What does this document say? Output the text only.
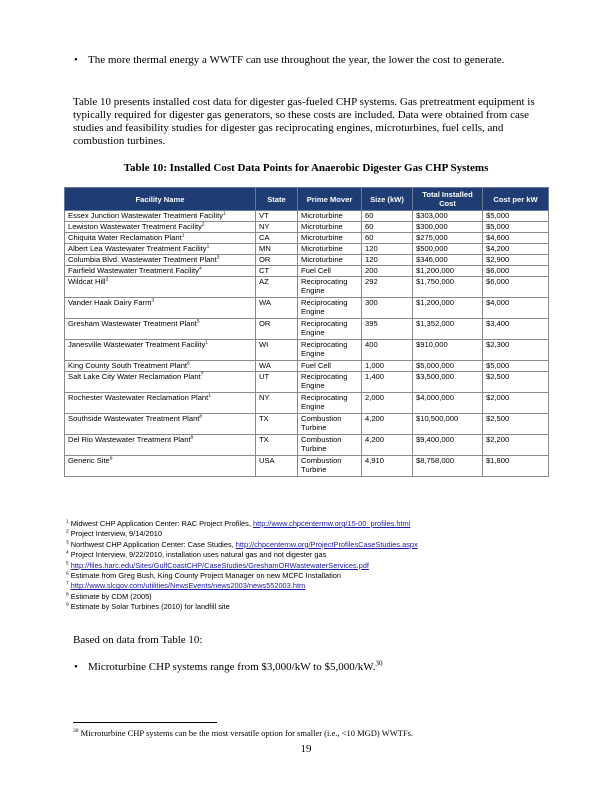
• The more thermal energy a WWTF can use throughout the year, the lower the cost to generate.
Table 10 presents installed cost data for digester gas-fueled CHP systems. Gas pretreatment equipment is typically required for digester gas generators, so these costs are included. Data were obtained from case studies and feasibility studies for digester gas reciprocating engines, microturbines, fuel cells, and combustion turbines.
Table 10: Installed Cost Data Points for Anaerobic Digester Gas CHP Systems
Facility Name	State	Prime Mover	Size (kW)	Total Installed Cost	Cost per kW
Essex Junction Wastewater Treatment Facility$^1$	VT	Microturbine	60	$303,000	$5,000
Lewiston Wastewater Treatment Facility$^2$	NY	Microturbine	60	$300,000	$5,000
Chiquita Water Reclamation Plant$^1$	CA	Microturbine	60	$275,000	$4,600
Albert Lea Wastewater Treatment Facility$^1$	MN	Microturbine	120	$500,000	$4,200
Columbia Blvd. Wastewater Treatment Plant$^3$	OR	Microturbine	120	$346,000	$2,900
Fairfield Wastewater Treatment Facility$^4$	CT	Fuel Cell	200	$1,200,000	$6,000
Wildcat Hill$^2$	AZ	Reciprocating Engine	292	$1,750,000	$6,000
Vander Haak Dairy Farm$^3$	WA	Reciprocating Engine	300	$1,200,000	$4,000
Gresham Wastewater Treatment Plant$^5$	OR	Reciprocating Engine	395	$1,352,000	$3,400
Janesville Wastewater Treatment Facility$^1$	WI	Reciprocating Engine	400	$910,000	$2,300
King County South Treatment Plant$^6$	WA	Fuel Cell	1,000	$5,000,000	$5,000
Salt Lake City Water Reclamation Plant$^7$	UT	Reciprocating Engine	1,400	$3,500,000	$2,500
Rochester Wastewater Reclamation Plant$^1$	NY	Reciprocating Engine	2,000	$4,000,000	$2,000
Southside Wastewater Treatment Plant$^8$	TX	Combustion Turbine	4,200	$10,500,000	$2,500
Del Rio Wastewater Treatment Plant$^8$	TX	Combustion Turbine	4,200	$9,400,000	$2,200
Generic Site$^9$	USA	Combustion Turbine	4,910	$8,758,000	$1,800
$^1$ Midwest CHP Application Center: RAC Project Profiles, http://www.chpcentermw.org/15-00_profiles.html
$^2$ Project Interview, 9/14/2010
$^3$ Northwest CHP Application Center: Case Studies, http://chpcenternw.org/ProjectProfilesCaseStudies.aspx
$^4$ Project Interview, 9/22/2010, installation uses natural gas and not digester gas
$^5$ http://files.harc.edu/Sites/GulfCoastCHP/CaseStudies/GreshamORWastewaterServices.pdf
$^6$ Estimate from Greg Bush, King County Project Manager on new MCFC Installation
$^7$ http://www.slcgov.com/utilities/NewsEvents/news2003/news552003.htm
$^8$ Estimate by CDM (2005)
$^9$ Estimate by Solar Turbines (2010) for landfill site
Based on data from Table 10:
• Microturbine CHP systems range from $3,000/kW to $5,000/kW.$^{30}$
$^{30}$ Microturbine CHP systems can be the most versatile option for smaller (i.e., <10 MGD) WWTFs.
19
